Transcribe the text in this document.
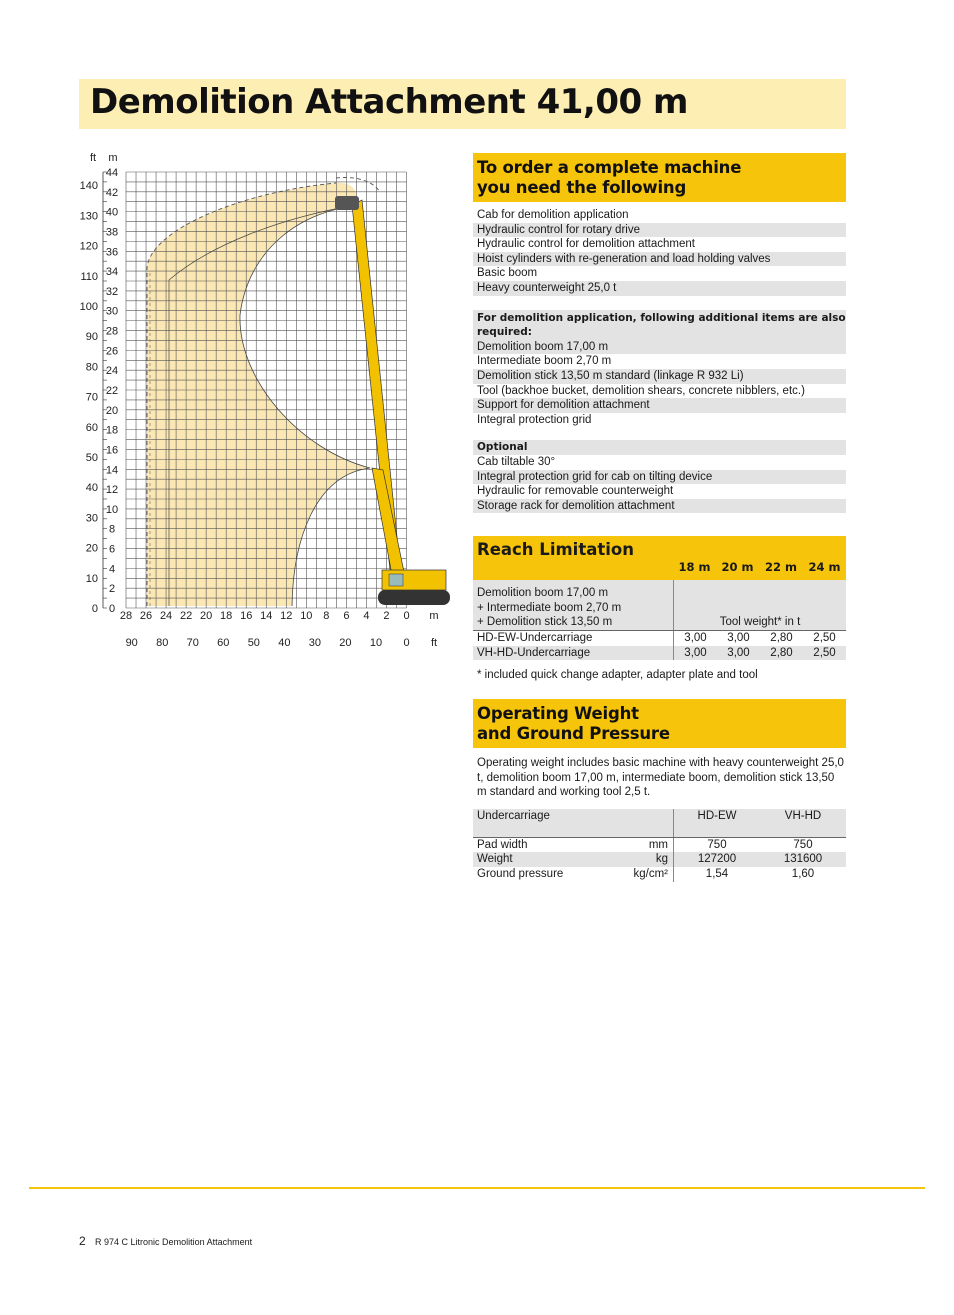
Demolition Attachment 41,00 m
ft m
44
42
40
38
36
34
32
30
28
26
24
22
20
18
16
14
12
10
8
6
4
2
0
140
130
120
110
100
90
80
70
60
50
40
30
20
10
0
28 26 24 22 20 18 16 14 12 10 8 6 4 2 0 m
90 80 70 60 50 40 30 20 10 0 ft
To order a complete machine
you need the following
Cab for demolition application
Hydraulic control for rotary drive
Hydraulic control for demolition attachment
Hoist cylinders with re-generation and load holding valves
Basic boom
Heavy counterweight 25,0 t
For demolition application, following additional items are also required:
Demolition boom 17,00 m
Intermediate boom 2,70 m
Demolition stick 13,50 m standard (linkage R 932 Li)
Tool (backhoe bucket, demolition shears, concrete nibblers, etc.)
Support for demolition attachment
Integral protection grid
Optional
Cab tiltable 30°
Integral protection grid for cab on tilting device
Hydraulic for removable counterweight
Storage rack for demolition attachment
Reach Limitation
18 m 20 m	22 m	24 m
Demolition boom 17,00 m
+ Intermediate boom 2,70 m
+ Demolition stick 13,50 m	Tool weight* in t
HD-EW-Undercarriage	3,00	3,00	2,80	2,50
VH-HD-Undercarriage	3,00	3,00	2,80	2,50
* included quick change adapter, adapter plate and tool
Operating Weight
and Ground Pressure
Operating weight includes basic machine with heavy counterweight 25,0 t, demolition boom 17,00 m, intermediate boom, demolition stick 13,50 m standard and working tool 2,5 t.
Undercarriage	HD-EW	VH-HD
Pad width	mm	750	750
Weight	kg	127200	131600
Ground pressure	kg/cm²	1,54	1,60
2 R 974 C Litronic Demolition Attachment
